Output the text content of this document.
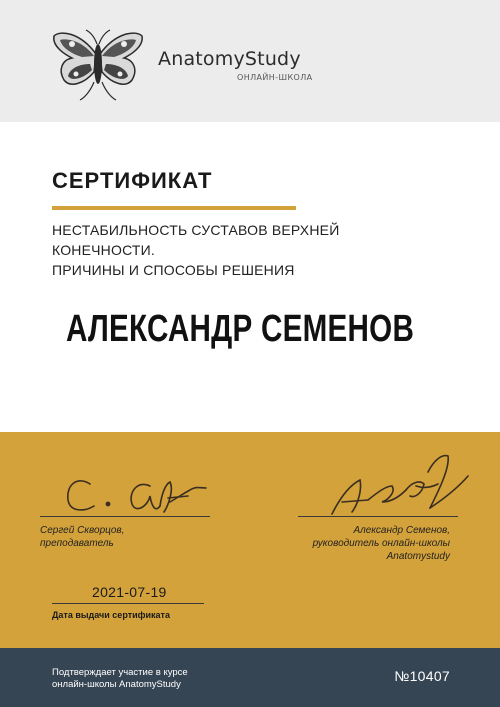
AnatomyStudy
ОНЛАЙН-ШКОЛА
СЕРТИФИКАТ
НЕСТАБИЛЬНОСТЬ СУСТАВОВ ВЕРХНЕЙ
КОНЕЧНОСТИ.
ПРИЧИНЫ И СПОСОБЫ РЕШЕНИЯ
АЛЕКСАНДР СЕМЕНОВ
Сергей Скворцов,
преподаватель
Александр Семенов,
руководитель онлайн-школы
Anatomystudy
2021-07-19
Дата выдачи сертификата
Подтверждает участие в курсе
онлайн-школы AnatomyStudy
№10407
